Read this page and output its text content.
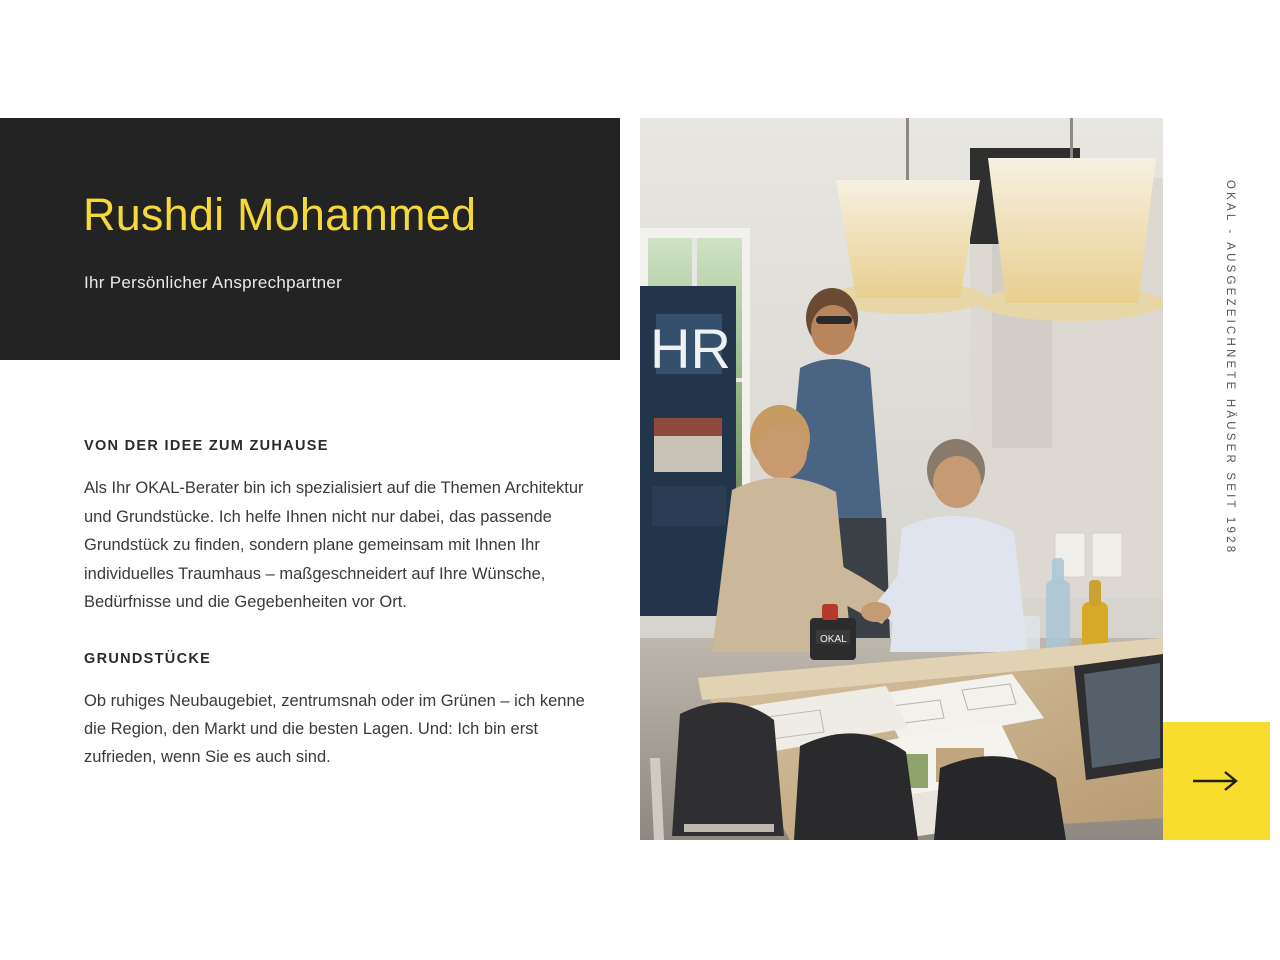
Rushdi Mohammed
Ihr Persönlicher Ansprechpartner
VON DER IDEE ZUM ZUHAUSE

Als Ihr OKAL-Berater bin ich spezialisiert auf die Themen Architektur und Grundstücke. Ich helfe Ihnen nicht nur dabei, das passende Grundstück zu finden, sondern plane gemeinsam mit Ihnen Ihr individuelles Traumhaus – maßgeschneidert auf Ihre Wünsche, Bedürfnisse und die Gegebenheiten vor Ort.

GRUNDSTÜCKE

Ob ruhiges Neubaugebiet, zentrumsnah oder im Grünen – ich kenne die Region, den Markt und die besten Lagen. Und: Ich bin erst zufrieden, wenn Sie es auch sind.

HR
OKAL
OKAL - AUSGEZEICHNETE HÄUSER SEIT 1928
